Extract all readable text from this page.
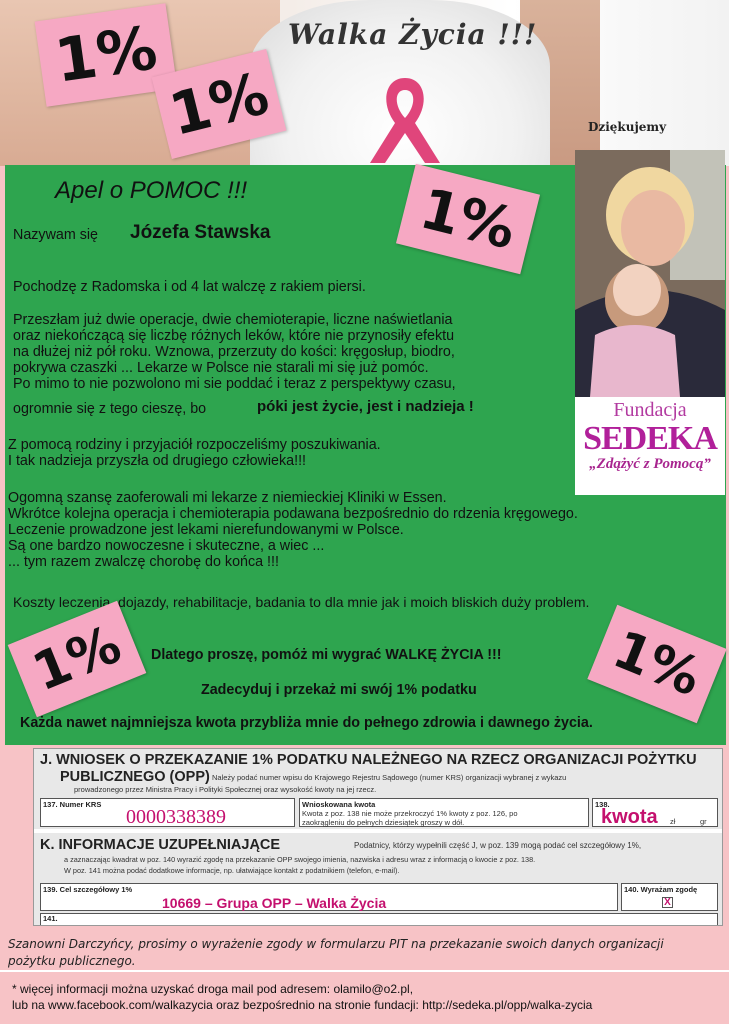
Walka Życia !!!
Dziękujemy
1%
1%
Apel o POMOC !!!
Nazywam się Józefa Stawska
Pochodzę z Radomska i od 4 lat walczę z rakiem piersi.
Przeszłam już dwie operacje, dwie chemioterapie, liczne naświetlania
oraz niekończącą się liczbę różnych leków, które nie przynosiły efektu
na dłużej niż pół roku. Wznowa, przerzuty do kości: kręgosłup, biodro,
pokrywa czaszki ... Lekarze w Polsce nie starali mi się już pomóc.
Po mimo to nie pozwolono mi sie poddać i teraz z perspektywy czasu,
ogromnie się z tego cieszę, bo	póki jest życie, jest i nadzieja !
Z pomocą rodziny i przyjaciół rozpoczeliśmy poszukiwania.
I tak nadzieja przyszła od drugiego człowieka!!!
Ogomną szansę zaoferowali mi lekarze z niemieckiej Kliniki w Essen.
Wkrótce kolejna operacja i chemioterapia podawana bezpośrednio do rdzenia kręgowego.
Leczenie prowadzone jest lekami nierefundowanymi w Polsce.
Są one bardzo nowoczesne i skuteczne, a wiec ...
... tym razem zwalczę chorobę do końca !!!
Koszty leczenia, dojazdy, rehabilitacje, badania to dla mnie jak i moich bliskich duży problem.
Dlatego proszę, pomóż mi wygrać WALKĘ ŻYCIA !!!
Zadecyduj i przekaż mi swój 1% podatku
Każda nawet najmniejsza kwota przybliża mnie do pełnego zdrowia i dawnego życia.
1%
1%	1%
Fundacja
SEDEKA
„Zdążyć z Pomocą”
J. WNIOSEK O PRZEKAZANIE 1% PODATKU NALEŻNEGO NA RZECZ ORGANIZACJI POŻYTKU
PUBLICZNEGO (OPP) Należy podać numer wpisu do Krajowego Rejestru Sądowego (numer KRS) organizacji wybranej z wykazu
prowadzonego przez Ministra Pracy i Polityki Społecznej oraz wysokość kwoty na jej rzecz.
137. Numer KRS
0000338389
Wnioskowana kwota
Kwota z poz. 138 nie może przekroczyć 1% kwoty z poz. 126, po
zaokrągleniu do pełnych dziesiątek groszy w dół.
138.
kwota zł	gr
K. INFORMACJE UZUPEŁNIAJĄCE	Podatnicy, którzy wypełnili część J, w poz. 139 mogą podać cel szczegółowy 1%,
a zaznaczając kwadrat w poz. 140 wyrazić zgodę na przekazanie OPP swojego imienia, nazwiska i adresu wraz z informacją o kwocie z poz. 138.
W poz. 141 można podać dodatkowe informacje, np. ułatwiające kontakt z podatnikiem (telefon, e-mail).
139. Cel szczegółowy 1%
10669 – Grupa OPP – Walka Życia
140. Wyrażam zgodę
X
141.
Szanowni Darczyńcy, prosimy o wyrażenie zgody w formularzu PIT na przekazanie swoich danych organizacji
pożytku publicznego.
* więcej informacji można uzyskać droga mail pod adresem: olamilo@o2.pl,
lub na www.facebook.com/walkazycia oraz bezpośrednio na stronie fundacji: http://sedeka.pl/opp/walka-zycia
